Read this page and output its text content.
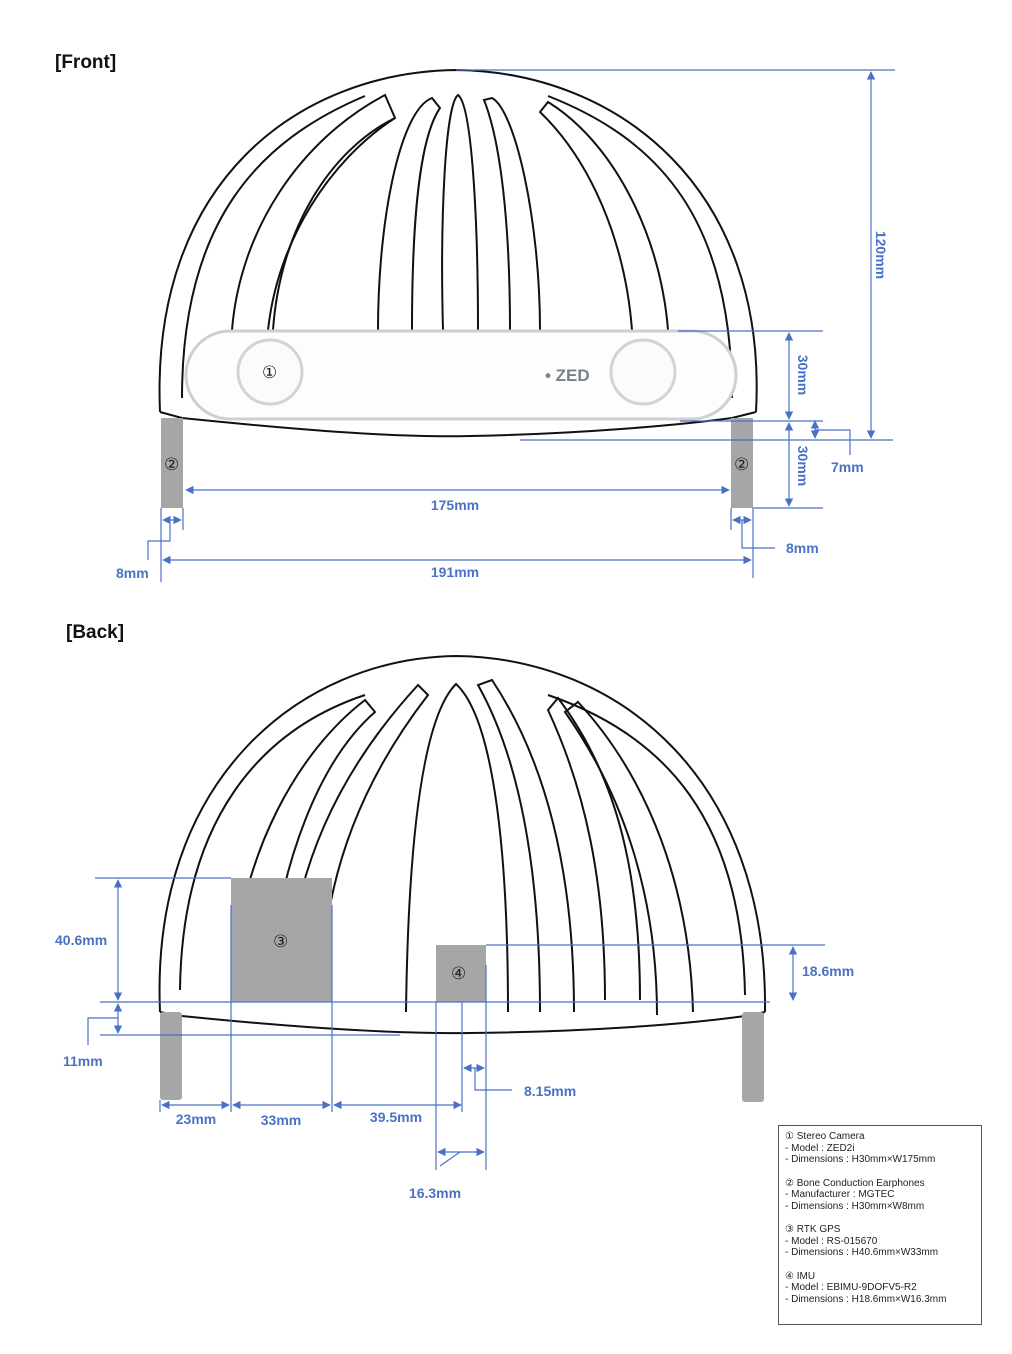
[Front]
[Back]
• ZED
①
②	②
120mm
30mm
30mm 7mm
175mm
8mm
8mm
191mm
③
④
40.6mm
11mm
18.6mm
23mm	33mm	39.5mm
8.15mm
16.3mm
① Stereo Camera
- Model : ZED2i
- Dimensions : H30mm×W175mm
② Bone Conduction Earphones
- Manufacturer : MGTEC
- Dimensions : H30mm×W8mm
③ RTK GPS
- Model : RS-015670
- Dimensions : H40.6mm×W33mm
④ IMU
- Model : EBIMU-9DOFV5-R2
- Dimensions : H18.6mm×W16.3mm
